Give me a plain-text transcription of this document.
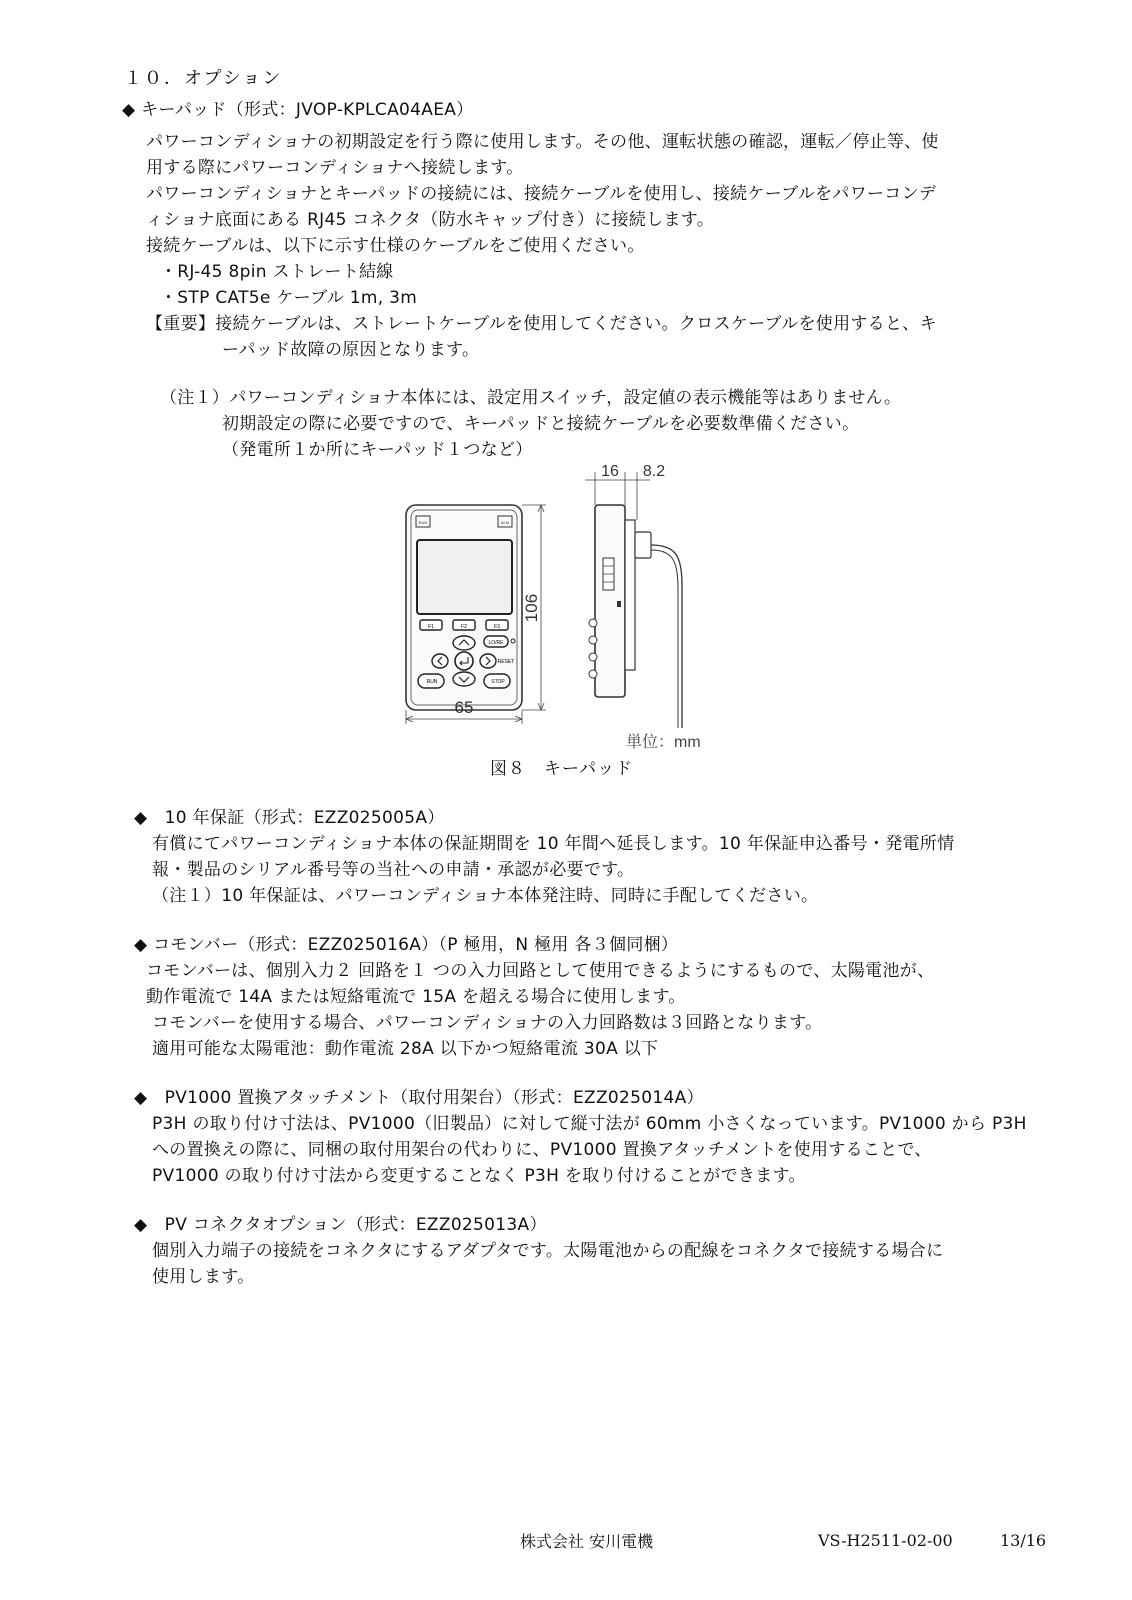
１０．オプション
◆ キーパッド（形式：JVOP-KPLCA04AEA）
パワーコンディショナの初期設定を行う際に使用します。その他、運転状態の確認，運転／停止等、使
用する際にパワーコンディショナへ接続します。
パワーコンディショナとキーパッドの接続には、接続ケーブルを使用し、接続ケーブルをパワーコンデ
ィショナ底面にある RJ45 コネクタ（防水キャップ付き）に接続します。
接続ケーブルは、以下に示す仕様のケーブルをご使用ください。
・RJ-45 8pin ストレート結線
・STP CAT5e ケーブル 1m, 3m
【重要】接続ケーブルは、ストレートケーブルを使用してください。クロスケーブルを使用すると、キ
ーパッド故障の原因となります。
（注１）パワーコンディショナ本体には、設定用スイッチ，設定値の表示機能等はありません。
初期設定の際に必要ですので、キーパッドと接続ケーブルを必要数準備ください。
（発電所１か所にキーパッド１つなど）
RUN	ALM
F1	F2	F3
LO/RE
RESET
RUN	STOP
106
65
16 8.2
単位：mm
図８　キーパッド
◆　10 年保証（形式：EZZ025005A）
有償にてパワーコンディショナ本体の保証期間を 10 年間へ延長します。10 年保証申込番号・発電所情
報・製品のシリアル番号等の当社への申請・承認が必要です。
（注１）10 年保証は、パワーコンディショナ本体発注時、同時に手配してください。
◆ コモンバー（形式：EZZ025016A）（P 極用，N 極用 各３個同梱）
コモンバーは、個別入力２ 回路を１ つの入力回路として使用できるようにするもので、太陽電池が、
動作電流で 14A または短絡電流で 15A を超える場合に使用します。
コモンバーを使用する場合、パワーコンディショナの入力回路数は３回路となります。
適用可能な太陽電池：動作電流 28A 以下かつ短絡電流 30A 以下
◆　PV1000 置換アタッチメント（取付用架台）（形式：EZZ025014A）
P3H の取り付け寸法は、PV1000（旧製品）に対して縦寸法が 60mm 小さくなっています。PV1000 から P3H
への置換えの際に、同梱の取付用架台の代わりに、PV1000 置換アタッチメントを使用することで、
PV1000 の取り付け寸法から変更することなく P3H を取り付けることができます。
◆　PV コネクタオプション（形式：EZZ025013A）
個別入力端子の接続をコネクタにするアダプタです。太陽電池からの配線をコネクタで接続する場合に
使用します。
株式会社 安川電機	VS-H2511-02-00	13/16
